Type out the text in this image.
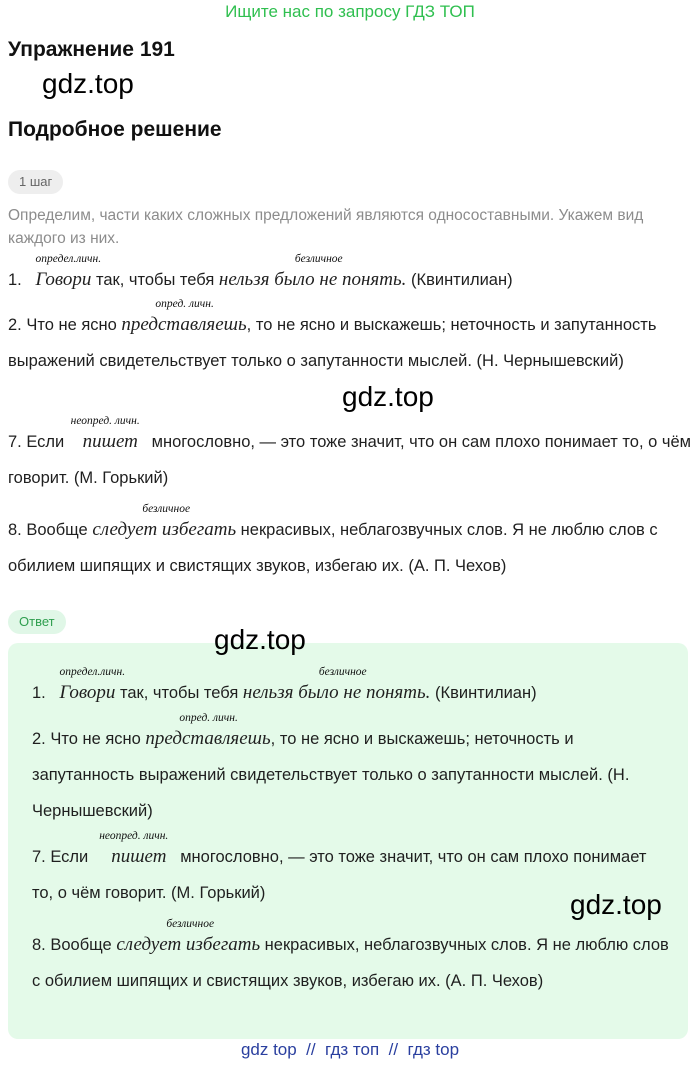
Ищите нас по запросу ГДЗ ТОП
Упражнение 191
gdz.top
Подробное решение
1 шаг
Определим, части каких сложных предложений являются односоставными. Укажем вид каждого из них.
1.
определ.личн.
Говори так, чтобы тебя
безличное
нельзя было не понять. (Квинтилиан)
2. Что не ясно
опред. личн.
представляешь, то не ясно и выскажешь; неточность и запутанность выражений свидетельствует только о запутанности мыслей. (Н. Чернышевский)
gdz.top
7. Если
неопред. личн.
пишет   многословно, — это тоже значит, что он сам плохо понимает то, о чём говорит. (М. Горький)
8. Вообще
безличное
следует избегать некрасивых, неблагозвучных слов. Я не люблю слов с обилием шипящих и свистящих звуков, избегаю их. (А. П. Чехов)
Ответ
gdz.top
1.
определ.личн.
Говори так, чтобы тебя
безличное
нельзя было не понять. (Квинтилиан)
2. Что не ясно
опред. личн.
представляешь, то не ясно и выскажешь; неточность и запутанность выражений свидетельствует только о запутанности мыслей. (Н. Чернышевский)
7. Если
неопред. личн.
пишет   многословно, — это тоже значит, что он сам плохо понимает то, о чём говорит. (М. Горький)	gdz.top
8. Вообще
безличное
следует избегать некрасивых, неблагозвучных слов. Я не люблю слов с обилием шипящих и свистящих звуков, избегаю их. (А. П. Чехов)
gdz top  //  гдз топ  //  гдз top
